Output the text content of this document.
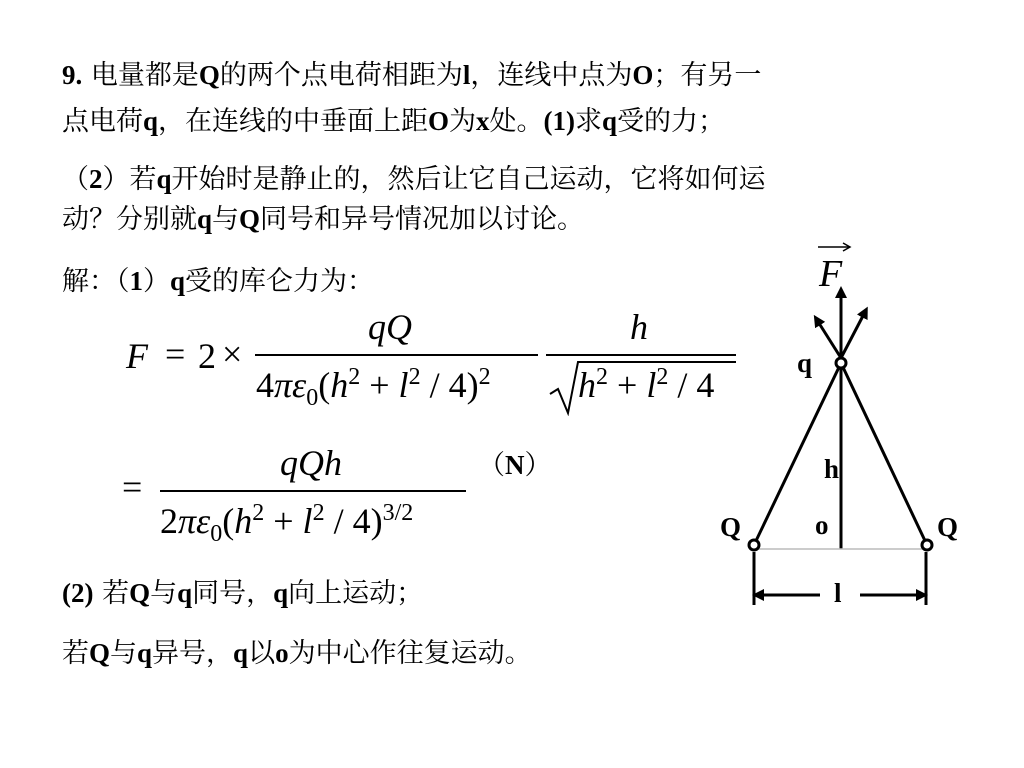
9. 电量都是Q的两个点电荷相距为l，连线中点为O；有另一
点电荷q，在连线的中垂面上距O为x处。(1)求q受的力；
（2）若q开始时是静止的，然后让它自己运动，它将如何运
动？分别就q与Q同号和异号情况加以讨论。
解：（1）q受的库仑力为：
F = 2 ×
qQ
$4\pi\varepsilon_0(h^2 + l^2 / 4)^2$
h
$h^2 + l^2 / 4$
=
qQh
$2\pi\varepsilon_0(h^2 + l^2 / 4)^{3/2}$
（N）
(2) 若Q与q同号，q向上运动；
若Q与q异号，q以o为中心作往复运动。
F
q
h
Q	o	Q
l
